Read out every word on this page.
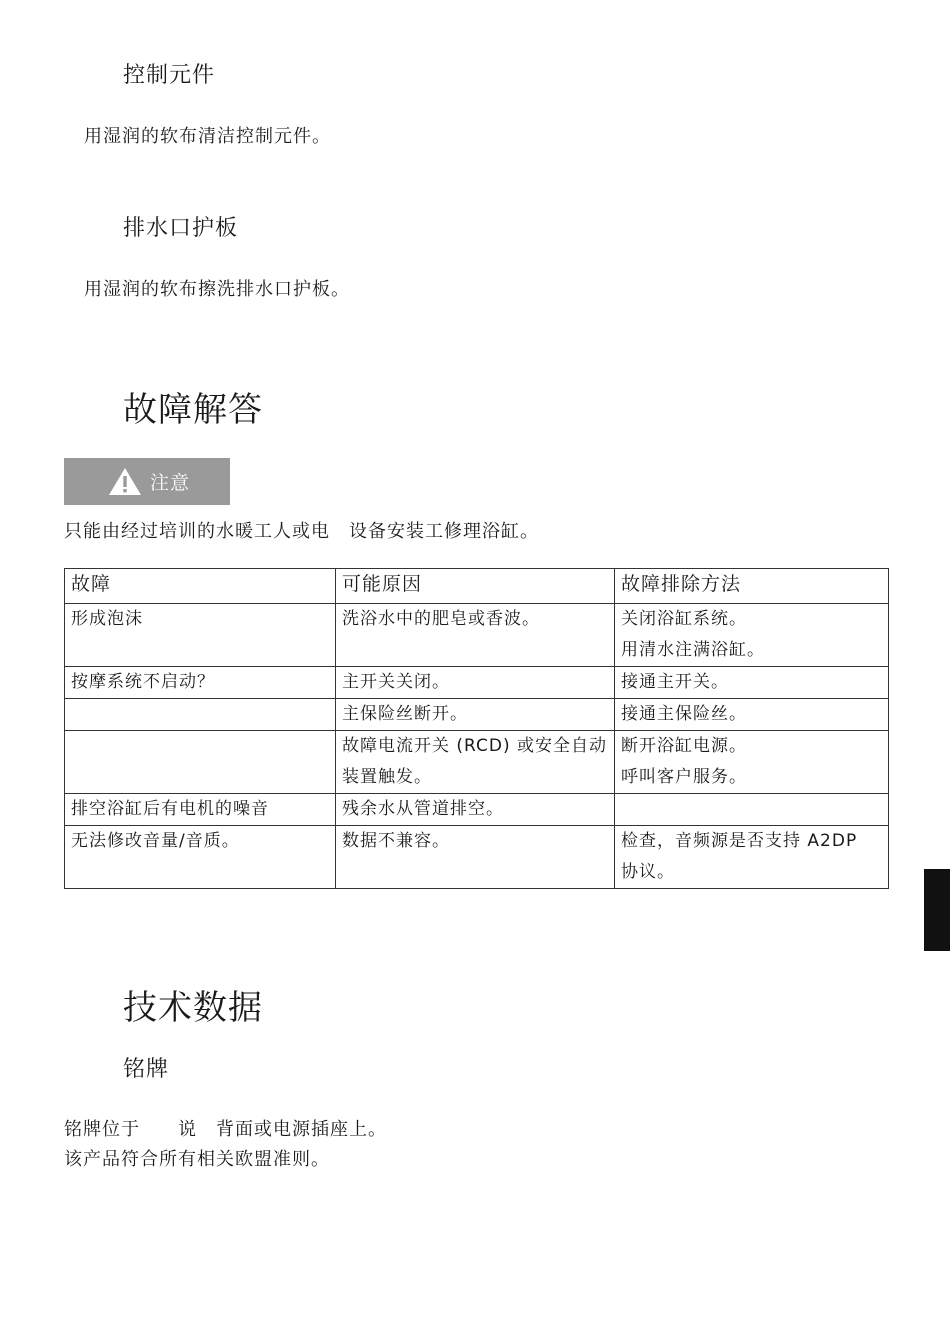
控制元件
用湿润的软布清洁控制元件。
排水口护板
用湿润的软布擦洗排水口护板。
故障解答
注意
只能由经过培训的水暖工人或电　设备安装工修理浴缸。
故障	可能原因	故障排除方法
形成泡沫	洗浴水中的肥皂或香波。	关闭浴缸系统。
用清水注满浴缸。

按摩系统不启动？	主开关关闭。	接通主开关。

	主保险丝断开。	接通主保险丝。

	故障电流开关 (RCD) 或安全自动装置触发。	断开浴缸电源。
呼叫客户服务。

排空浴缸后有电机的噪音	残余水从管道排空。	

无法修改音量/音质。	数据不兼容。	检查，音频源是否支持 A2DP
协议。
技术数据
铭牌
铭牌位于　　说　背面或电源插座上。
该产品符合所有相关欧盟准则。
